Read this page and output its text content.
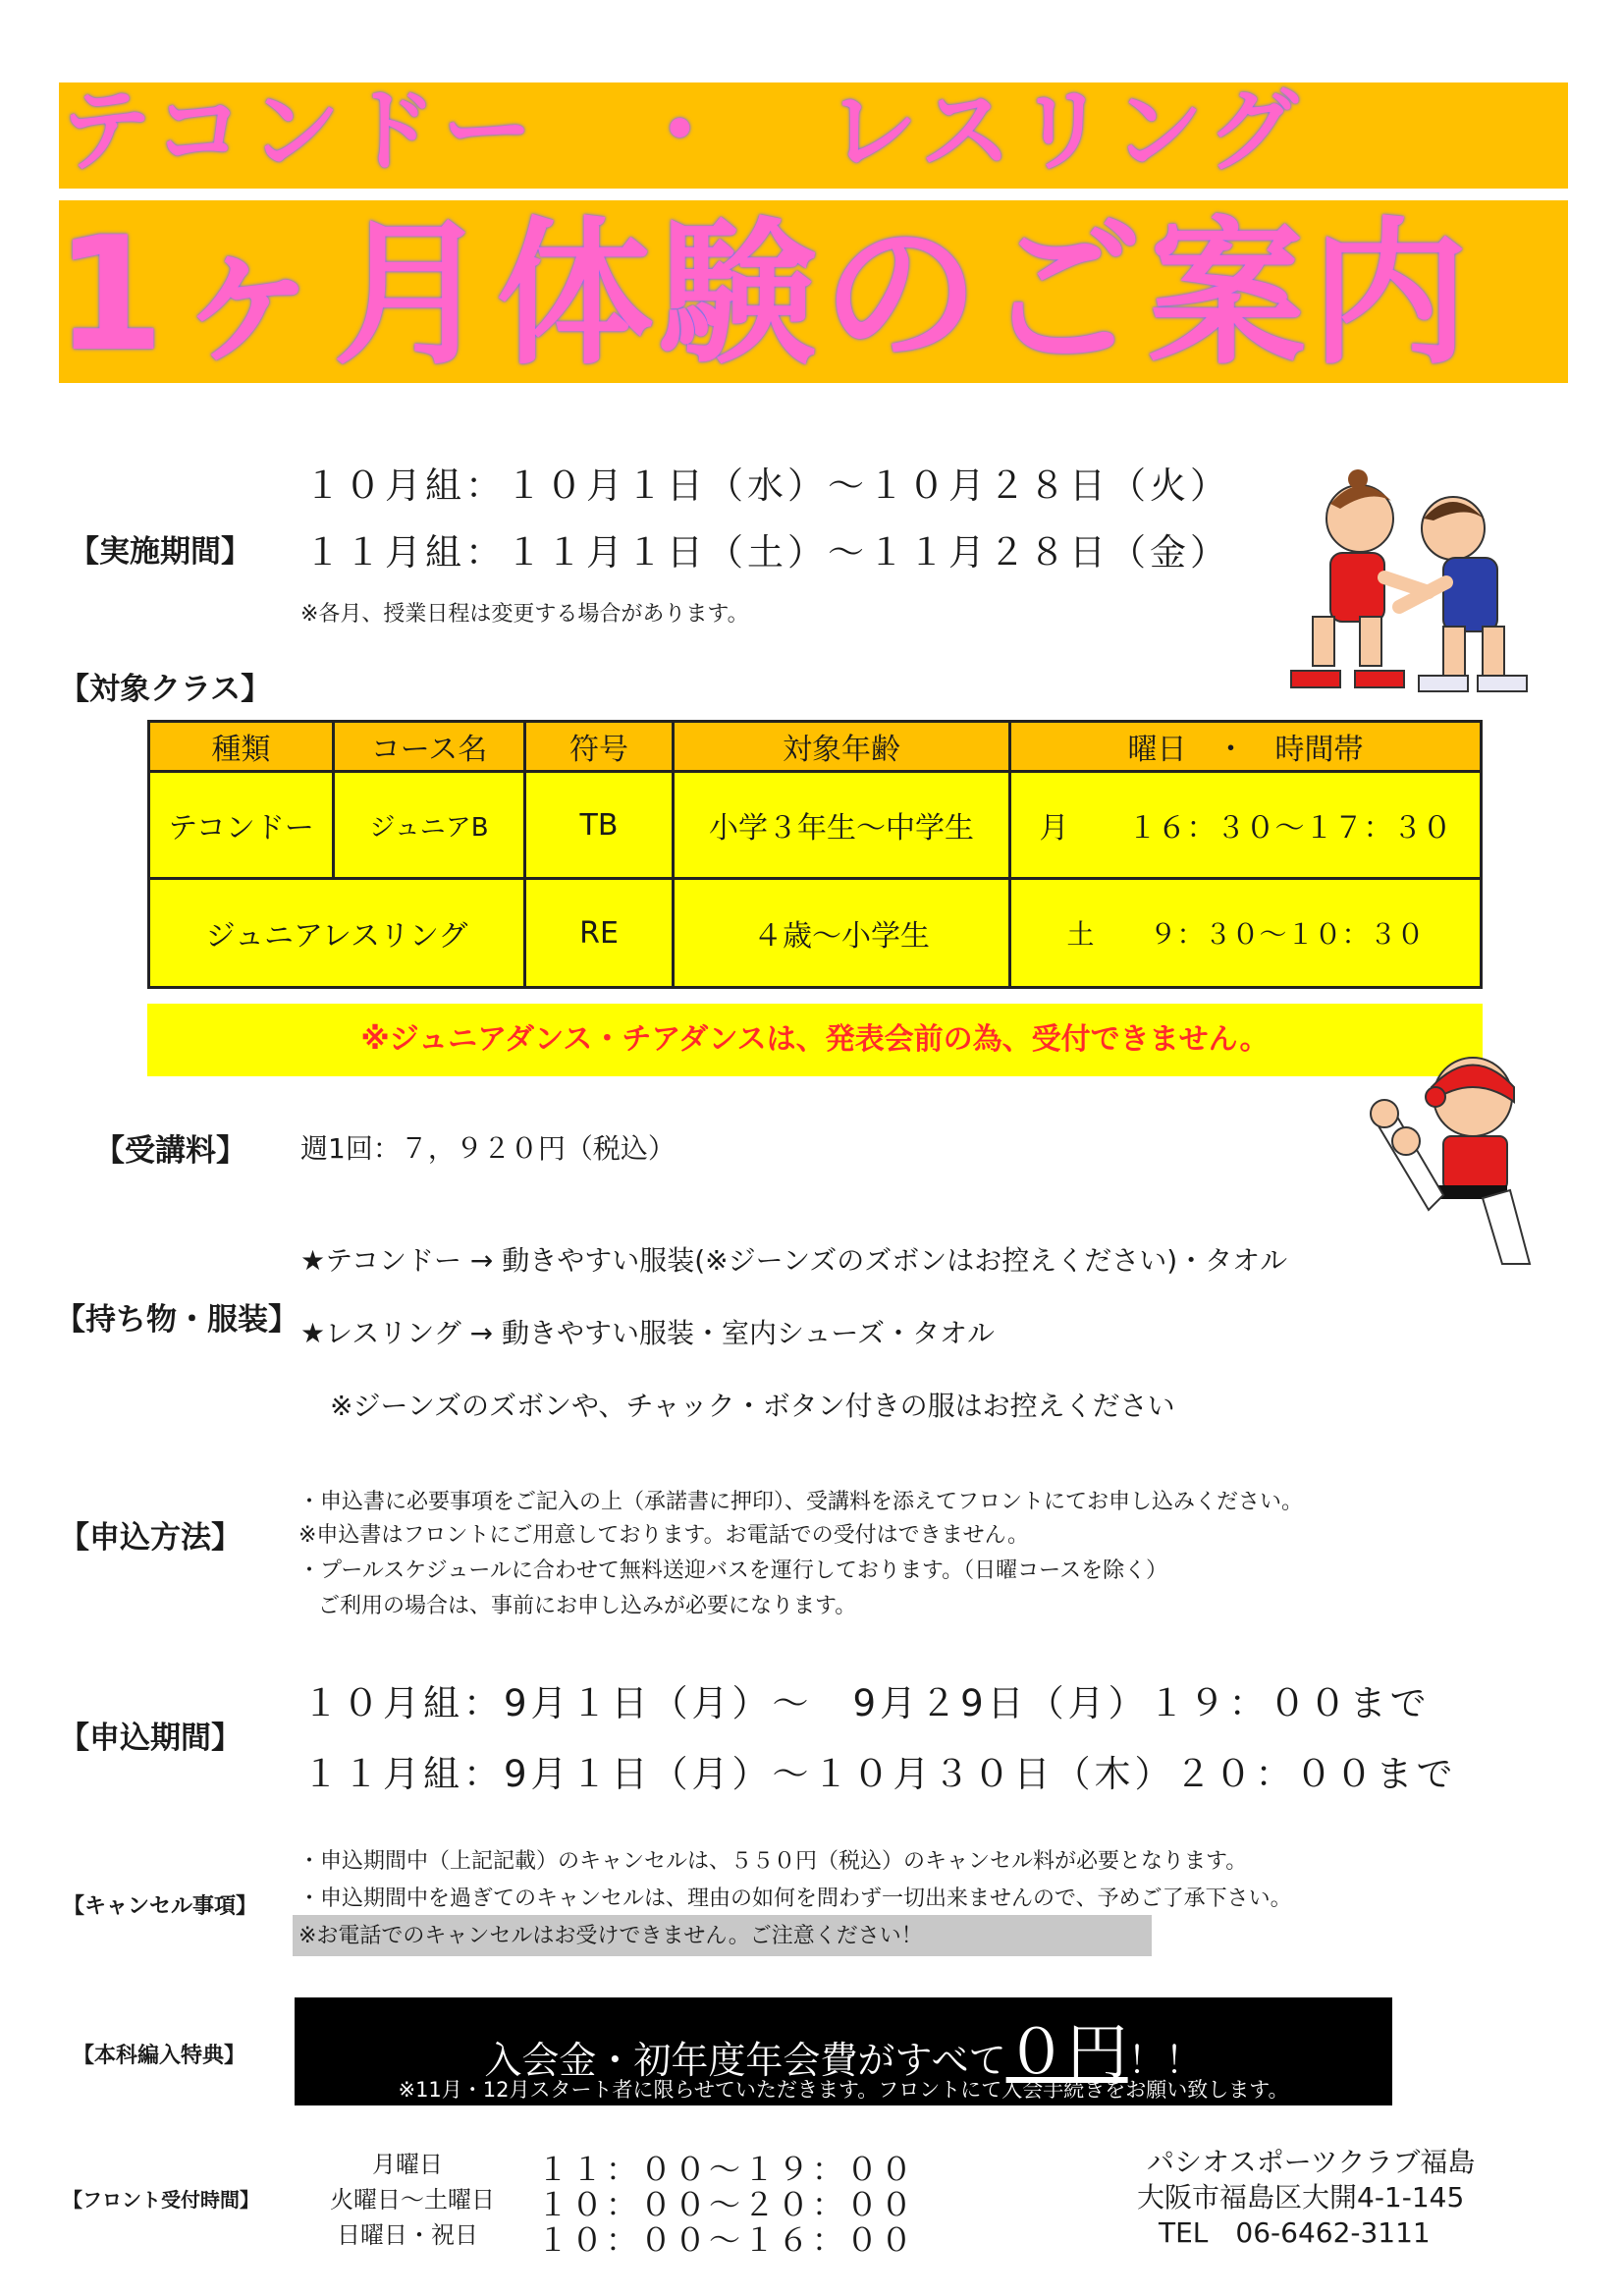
テコンドー　・　レスリング
1ヶ月体験のご案内
【実施期間】
１０月組：１０月１日（水）～１０月２８日（火）
１１月組：１１月１日（土）～１１月２８日（金）
※各月、授業日程は変更する場合があります。
【対象クラス】
種類	コース名	符号	対象年齢	曜日　・　時間帯
テコンドー	ジュニアB	TB	小学３年生～中学生	月　　１６：３０～１７：３０
ジュニアレスリング		RE	４歳～小学生	土　　９：３０～１０：３０
※ジュニアダンス・チアダンスは、発表会前の為、受付できません。
【受講料】 週1回：７，９２０円（税込）
【持ち物・服装】
★テコンドー → 動きやすい服装(※ジーンズのズボンはお控えください)・タオル
★レスリング → 動きやすい服装・室内シューズ・タオル
※ジーンズのズボンや、チャック・ボタン付きの服はお控えください
【申込方法】
・申込書に必要事項をご記入の上（承諾書に押印）、受講料を添えてフロントにてお申し込みください。
※申込書はフロントにご用意しております。お電話での受付はできません。
・プールスケジュールに合わせて無料送迎バスを運行しております。（日曜コースを除く）
ご利用の場合は、事前にお申し込みが必要になります。
【申込期間】
１０月組：9月１日（月）～　9月２9日（月）１９：００まで
１１月組：9月１日（月）～１０月３０日（木）２０：００まで
【キャンセル事項】
・申込期間中（上記記載）のキャンセルは、５５０円（税込）のキャンセル料が必要となります。
・申込期間中を過ぎてのキャンセルは、理由の如何を問わず一切出来ませんので、予めご了承下さい。
※お電話でのキャンセルはお受けできません。ご注意ください！
【本科編入特典】	入会金・初年度年会費がすべて０円！！
※11月・12月スタート者に限らせていただきます。フロントにて入会手続きをお願い致します。
【フロント受付時間】
月曜日	１１：００～１９：００
火曜日～土曜日	１０：００～２０：００
日曜日・祝日	１０：００～１６：００
パシオスポーツクラブ福島
大阪市福島区大開4-1-145
TEL　06-6462-3111
